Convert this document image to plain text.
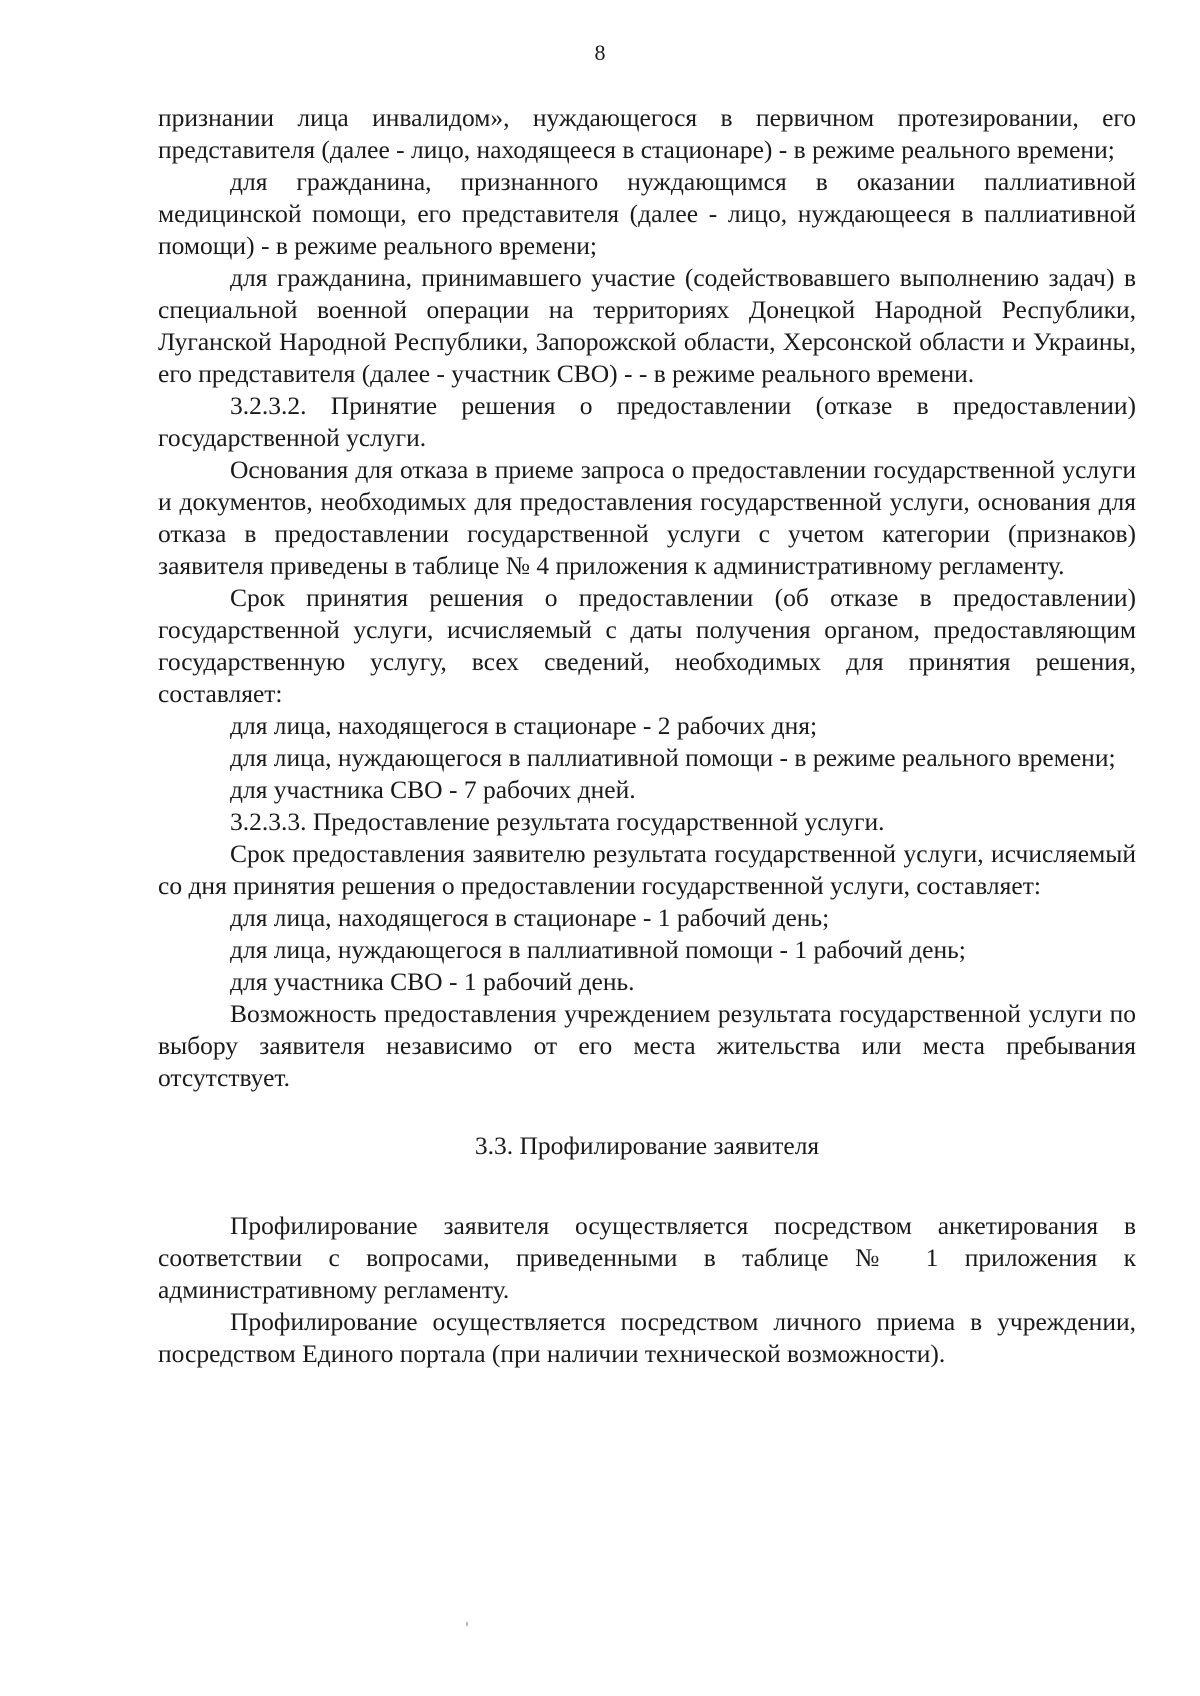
8

признании лица инвалидом», нуждающегося в первичном протезировании, его представителя (далее - лицо, находящееся в стационаре) - в режиме реального времени;

для гражданина, признанного нуждающимся в оказании паллиативной медицинской помощи, его представителя (далее - лицо, нуждающееся в паллиативной помощи) - в режиме реального времени;

для гражданина, принимавшего участие (содействовавшего выполнению задач) в специальной военной операции на территориях Донецкой Народной Республики, Луганской Народной Республики, Запорожской области, Херсонской области и Украины, его представителя (далее - участник СВО) - - в режиме реального времени.

3.2.3.2. Принятие решения о предоставлении (отказе в предоставлении) государственной услуги.

Основания для отказа в приеме запроса о предоставлении государственной услуги и документов, необходимых для предоставления государственной услуги, основания для отказа в предоставлении государственной услуги с учетом категории (признаков) заявителя приведены в таблице № 4 приложения к административному регламенту.

Срок принятия решения о предоставлении (об отказе в предоставлении) государственной услуги, исчисляемый с даты получения органом, предоставляющим государственную услугу, всех сведений, необходимых для принятия решения, составляет:

для лица, находящегося в стационаре - 2 рабочих дня;

для лица, нуждающегося в паллиативной помощи - в режиме реального времени;

для участника СВО - 7 рабочих дней.

3.2.3.3. Предоставление результата государственной услуги.

Срок предоставления заявителю результата государственной услуги, исчисляемый со дня принятия решения о предоставлении государственной услуги, составляет:

для лица, находящегося в стационаре - 1 рабочий день;

для лица, нуждающегося в паллиативной помощи - 1 рабочий день;

для участника СВО - 1 рабочий день.

Возможность предоставления учреждением результата государственной услуги по выбору заявителя независимо от его места жительства или места пребывания отсутствует.

3.3. Профилирование заявителя

Профилирование заявителя осуществляется посредством анкетирования в соответствии с вопросами, приведенными в таблице № 1 приложения к административному регламенту.

Профилирование осуществляется посредством личного приема в учреждении, посредством Единого портала (при наличии технической возможности).
